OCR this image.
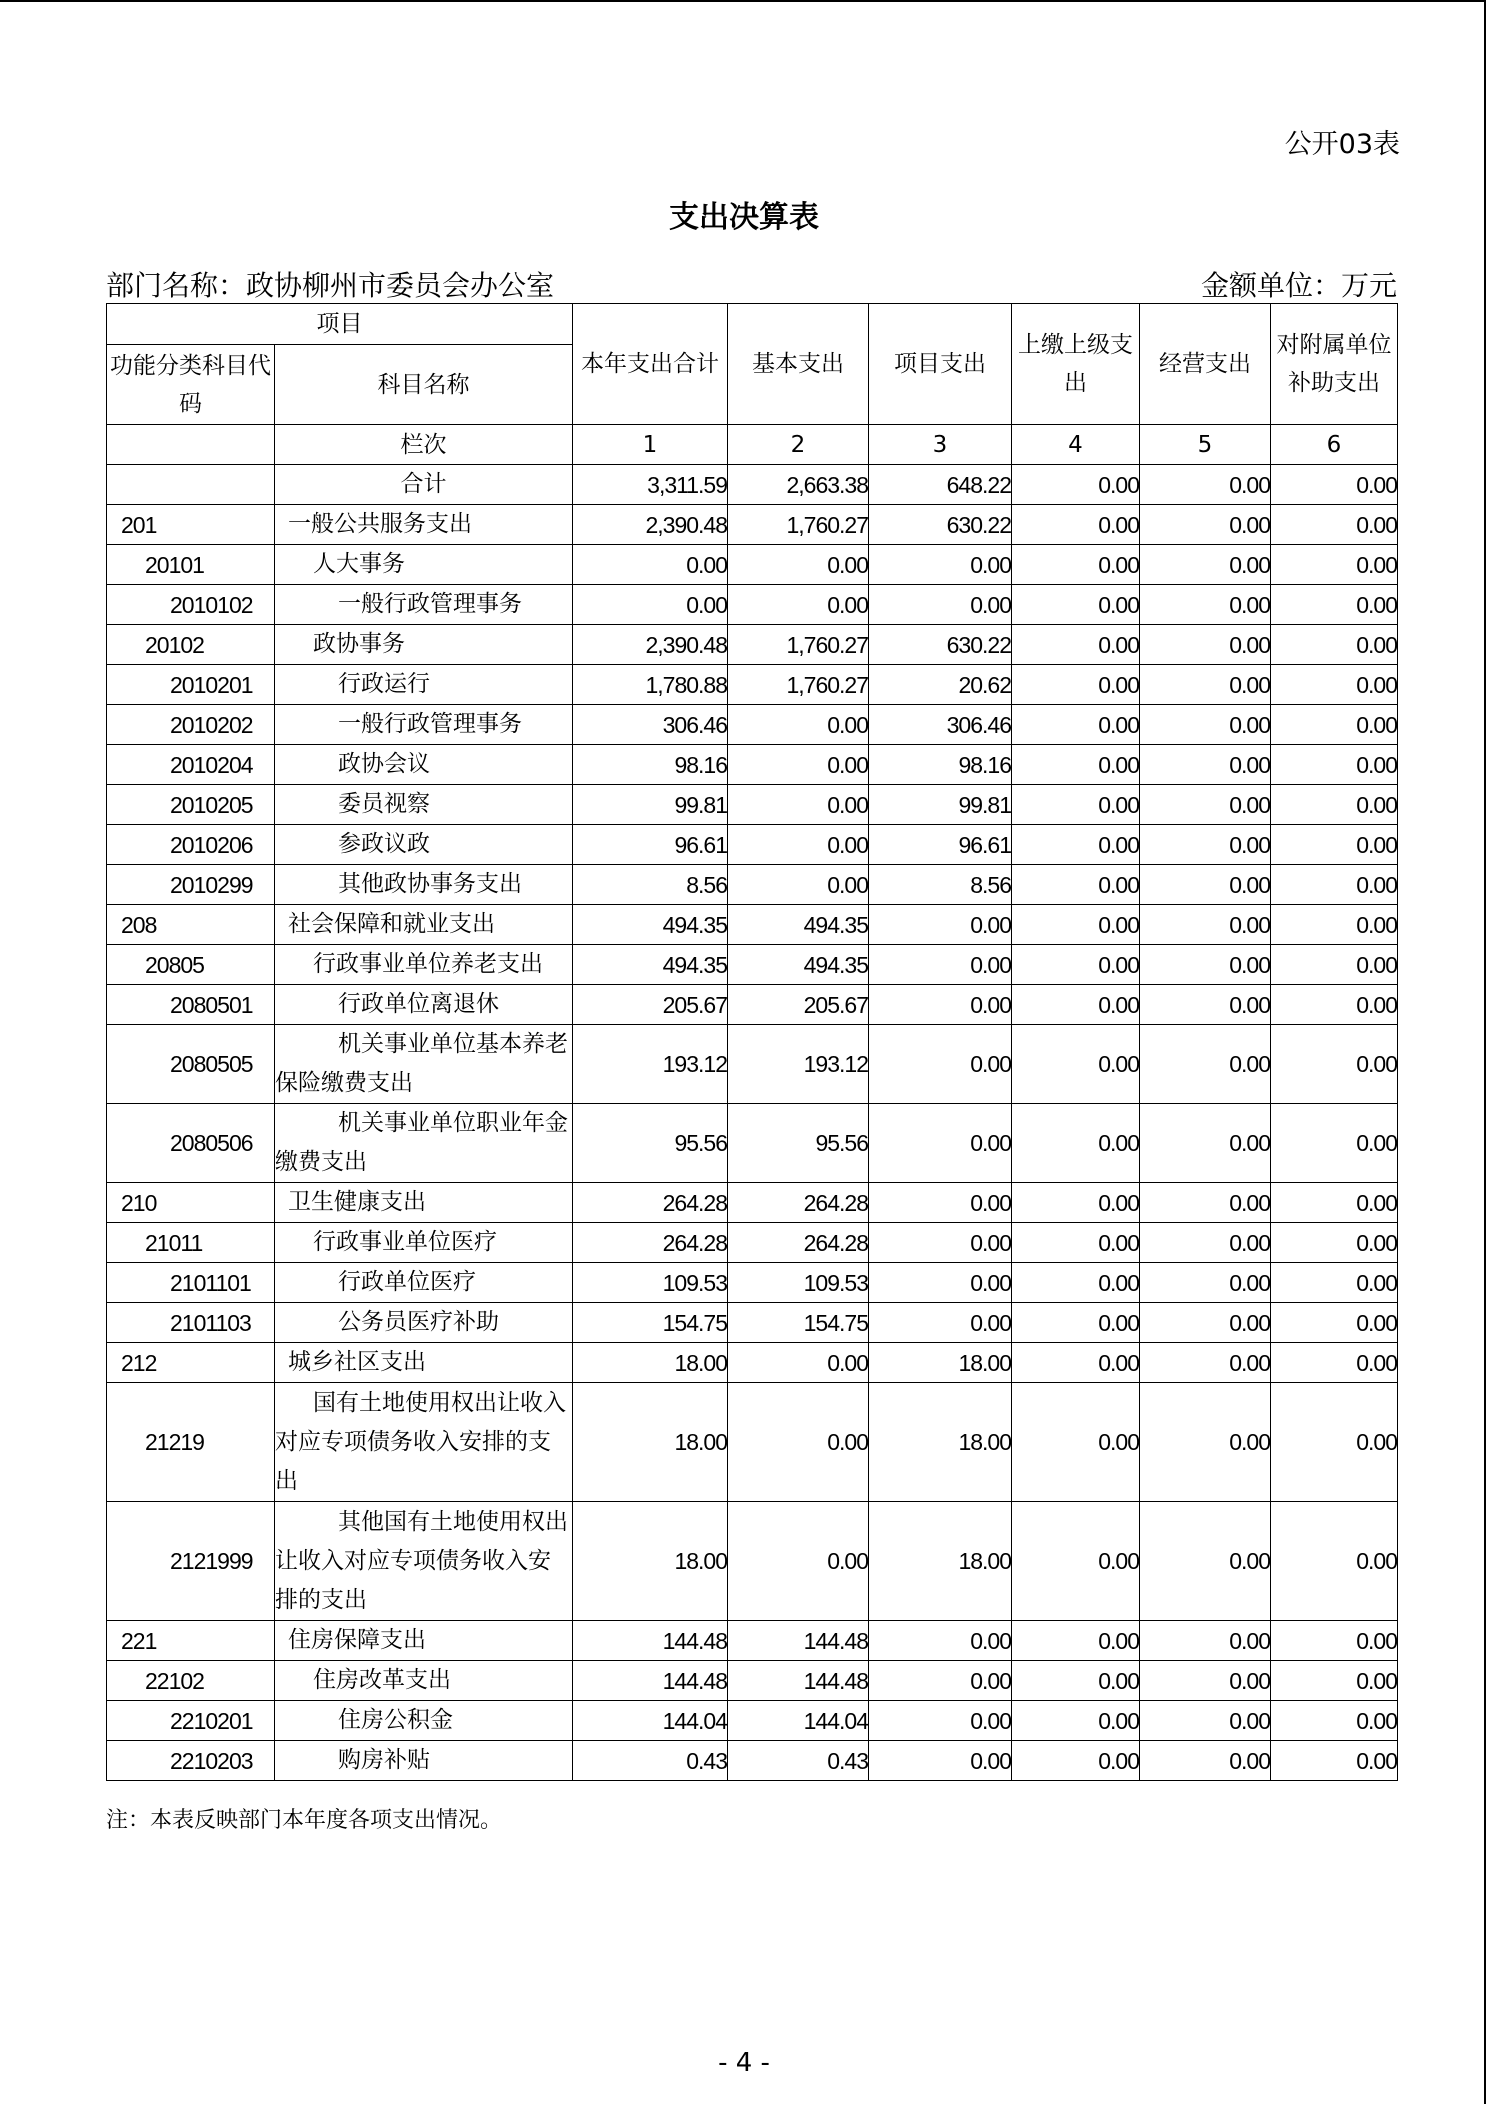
公开03表
支出决算表
部门名称：政协柳州市委员会办公室	金额单位：万元
项目		本年支出合计	基本支出	项目支出	上缴上级支出	经营支出	对附属单位补助支出
功能分类科目代码	科目名称						
	栏次	1	2	3	4	5	6
	合计	3,311.59	2,663.38	648.22	0.00	0.00	0.00
201	一般公共服务支出	2,390.48	1,760.27	630.22	0.00	0.00	0.00
20101	人大事务	0.00	0.00	0.00	0.00	0.00	0.00
2010102	一般行政管理事务	0.00	0.00	0.00	0.00	0.00	0.00
20102	政协事务	2,390.48	1,760.27	630.22	0.00	0.00	0.00
2010201	行政运行	1,780.88	1,760.27	20.62	0.00	0.00	0.00
2010202	一般行政管理事务	306.46	0.00	306.46	0.00	0.00	0.00
2010204	政协会议	98.16	0.00	98.16	0.00	0.00	0.00
2010205	委员视察	99.81	0.00	99.81	0.00	0.00	0.00
2010206	参政议政	96.61	0.00	96.61	0.00	0.00	0.00
2010299	其他政协事务支出	8.56	0.00	8.56	0.00	0.00	0.00
208	社会保障和就业支出	494.35	494.35	0.00	0.00	0.00	0.00
20805	行政事业单位养老支出	494.35	494.35	0.00	0.00	0.00	0.00
2080501	行政单位离退休	205.67	205.67	0.00	0.00	0.00	0.00
2080505	机关事业单位基本养老保险缴费支出	193.12	193.12	0.00	0.00	0.00	0.00
2080506	机关事业单位职业年金缴费支出	95.56	95.56	0.00	0.00	0.00	0.00
210	卫生健康支出	264.28	264.28	0.00	0.00	0.00	0.00
21011	行政事业单位医疗	264.28	264.28	0.00	0.00	0.00	0.00
2101101	行政单位医疗	109.53	109.53	0.00	0.00	0.00	0.00
2101103	公务员医疗补助	154.75	154.75	0.00	0.00	0.00	0.00
212	城乡社区支出	18.00	0.00	18.00	0.00	0.00	0.00
21219	国有土地使用权出让收入对应专项债务收入安排的支出	18.00	0.00	18.00	0.00	0.00	0.00
2121999	其他国有土地使用权出让收入对应专项债务收入安排的支出	18.00	0.00	18.00	0.00	0.00	0.00
221	住房保障支出	144.48	144.48	0.00	0.00	0.00	0.00
22102	住房改革支出	144.48	144.48	0.00	0.00	0.00	0.00
2210201	住房公积金	144.04	144.04	0.00	0.00	0.00	0.00
2210203	购房补贴	0.43	0.43	0.00	0.00	0.00	0.00
注：本表反映部门本年度各项支出情况。
- 4 -
